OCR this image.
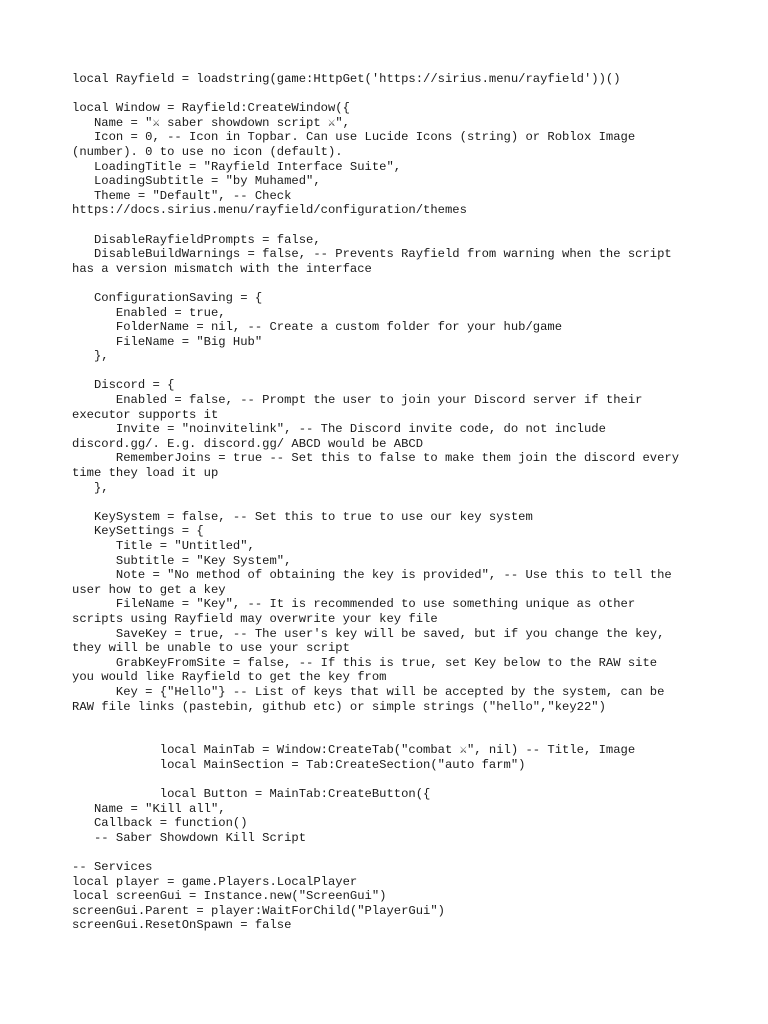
local Rayfield = loadstring(game:HttpGet('https://sirius.menu/rayfield'))()

local Window = Rayfield:CreateWindow({
Name = "⚔ saber showdown script ⚔",
Icon = 0, -- Icon in Topbar. Can use Lucide Icons (string) or Roblox Image
(number). 0 to use no icon (default).
LoadingTitle = "Rayfield Interface Suite",
LoadingSubtitle = "by Muhamed",
Theme = "Default", -- Check
https://docs.sirius.menu/rayfield/configuration/themes

DisableRayfieldPrompts = false,
DisableBuildWarnings = false, -- Prevents Rayfield from warning when the script
has a version mismatch with the interface

ConfigurationSaving = {
Enabled = true,
FolderName = nil, -- Create a custom folder for your hub/game
FileName = "Big Hub"
},

Discord = {
Enabled = false, -- Prompt the user to join your Discord server if their
executor supports it
Invite = "noinvitelink", -- The Discord invite code, do not include
discord.gg/. E.g. discord.gg/ ABCD would be ABCD
RememberJoins = true -- Set this to false to make them join the discord every
time they load it up
},

KeySystem = false, -- Set this to true to use our key system
KeySettings = {
Title = "Untitled",
Subtitle = "Key System",
Note = "No method of obtaining the key is provided", -- Use this to tell the
user how to get a key
FileName = "Key", -- It is recommended to use something unique as other
scripts using Rayfield may overwrite your key file
SaveKey = true, -- The user's key will be saved, but if you change the key,
they will be unable to use your script
GrabKeyFromSite = false, -- If this is true, set Key below to the RAW site
you would like Rayfield to get the key from
Key = {"Hello"} -- List of keys that will be accepted by the system, can be
RAW file links (pastebin, github etc) or simple strings ("hello","key22")

local MainTab = Window:CreateTab("combat ⚔", nil) -- Title, Image
local MainSection = Tab:CreateSection("auto farm")

local Button = MainTab:CreateButton({
Name = "Kill all",
Callback = function()
-- Saber Showdown Kill Script

-- Services
local player = game.Players.LocalPlayer
local screenGui = Instance.new("ScreenGui")
screenGui.Parent = player:WaitForChild("PlayerGui")
screenGui.ResetOnSpawn = false
